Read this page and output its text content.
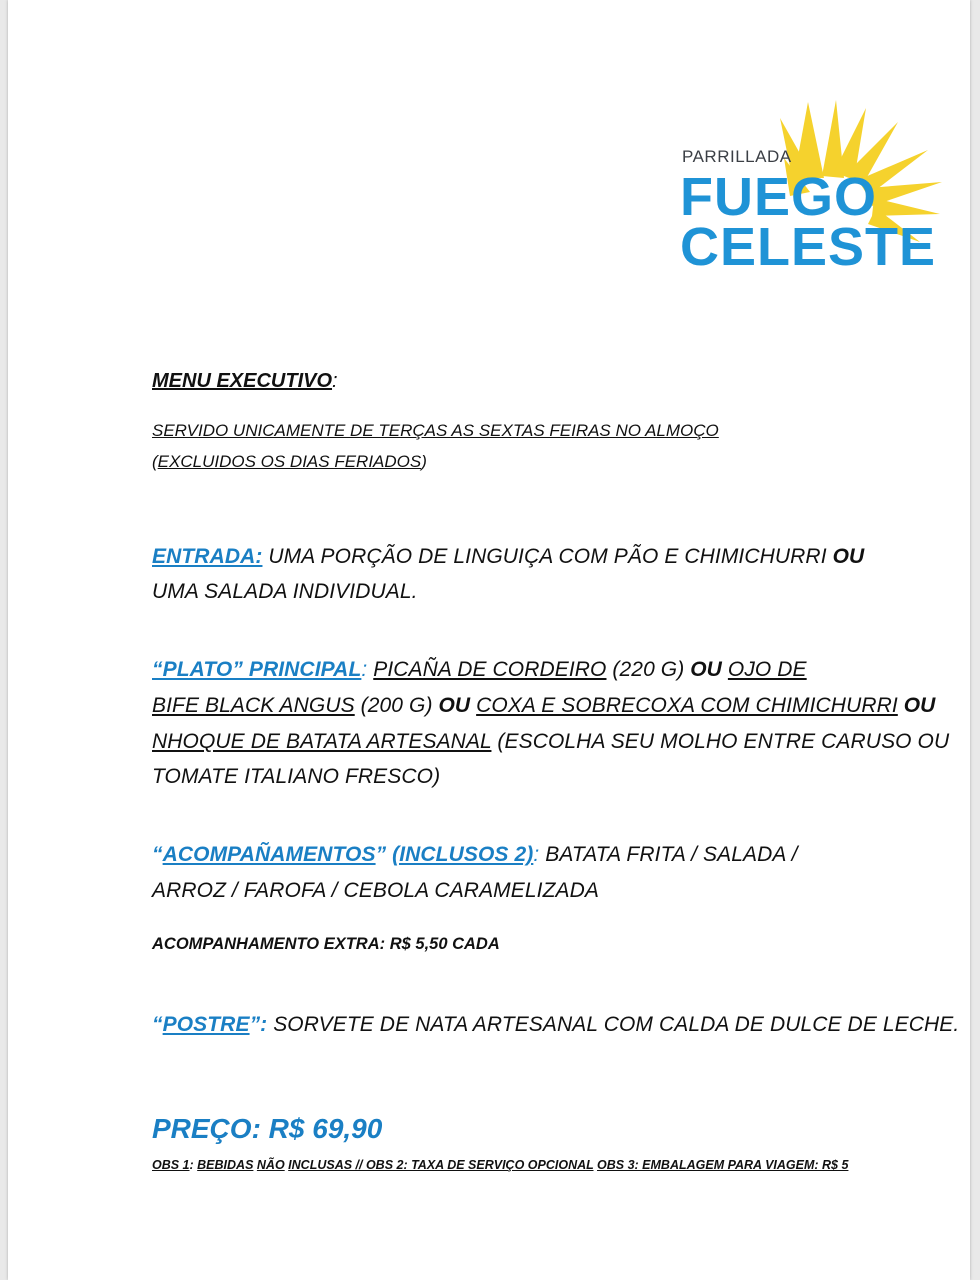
PARRILLADA
FUEGO
CELESTE
MENU EXECUTIVO:
SERVIDO UNICAMENTE DE TERÇAS AS SEXTAS FEIRAS NO ALMOÇO
(EXCLUIDOS OS DIAS FERIADOS)
ENTRADA: UMA PORÇÃO DE LINGUIÇA COM PÃO E CHIMICHURRI OU
UMA SALADA INDIVIDUAL.
“PLATO” PRINCIPAL: PICAÑA DE CORDEIRO (220 G) OU OJO DE
BIFE BLACK ANGUS (200 G) OU COXA E SOBRECOXA COM CHIMICHURRI OU
NHOQUE DE BATATA ARTESANAL (ESCOLHA SEU MOLHO ENTRE CARUSO OU
TOMATE ITALIANO FRESCO)
“ACOMPAÑAMENTOS” (INCLUSOS 2): BATATA FRITA / SALADA /
ARROZ / FAROFA / CEBOLA CARAMELIZADA
ACOMPANHAMENTO EXTRA: R$ 5,50 CADA
“POSTRE”: SORVETE DE NATA ARTESANAL COM CALDA DE DULCE DE LECHE.
PREÇO: R$ 69,90
OBS 1: BEBIDAS NÃO INCLUSAS // OBS 2: TAXA DE SERVIÇO OPCIONAL OBS 3: EMBALAGEM PARA VIAGEM: R$ 5
